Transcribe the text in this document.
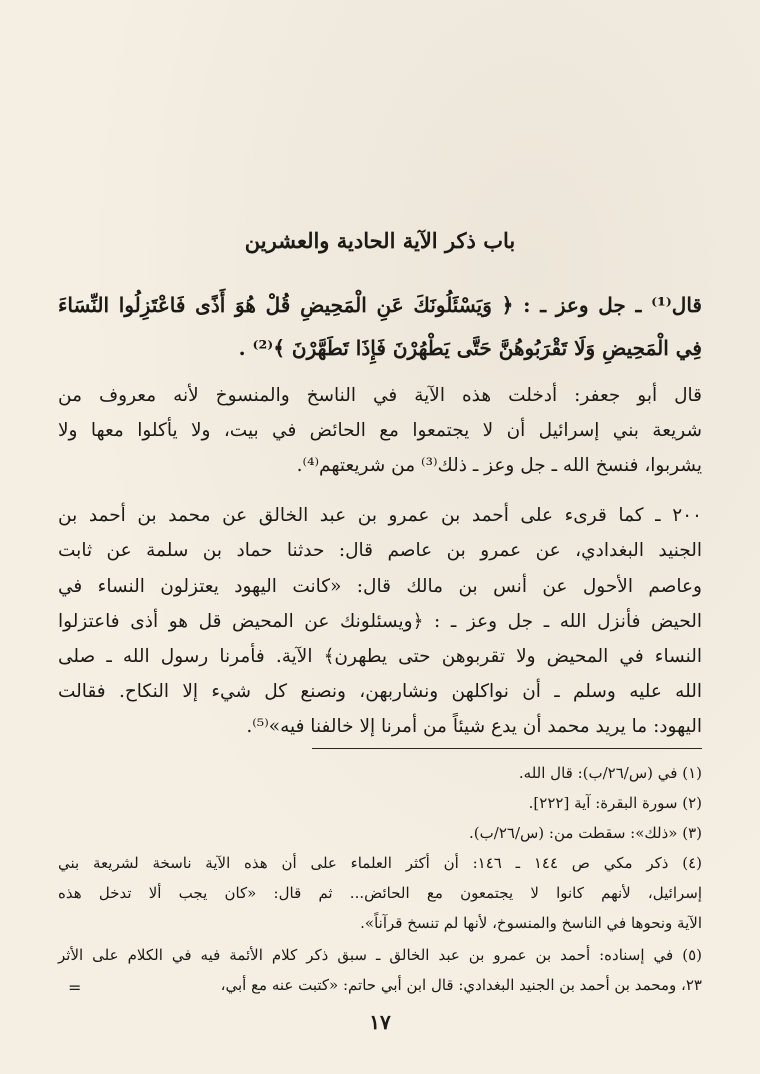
باب ذكر الآية الحادية والعشرين
قال⁽¹⁾ ـ جل وعز ـ : ﴿ وَيَسْئَلُونَكَ عَنِ الْمَحِيضِ قُلْ هُوَ أَذًى فَاعْتَزِلُوا النِّسَاءَ
فِي الْمَحِيضِ وَلَا تَقْرَبُوهُنَّ حَتَّى يَطْهُرْنَ فَإِذَا تَطَهَّرْنَ ﴾⁽²⁾ .
قال أبو جعفر: أدخلت هذه الآية في الناسخ والمنسوخ لأنه معروف من
شريعة بني إسرائيل أن لا يجتمعوا مع الحائض في بيت، ولا يأكلوا معها ولا
يشربوا، فنسخ الله ـ جل وعز ـ ذلك⁽³⁾ من شريعتهم⁽⁴⁾.
٢٠٠ ـ كما قرىء على أحمد بن عمرو بن عبد الخالق عن محمد بن أحمد بن
الجنيد البغدادي، عن عمرو بن عاصم قال: حدثنا حماد بن سلمة عن ثابت
وعاصم الأحول عن أنس بن مالك قال: «كانت اليهود يعتزلون النساء في
الحيض فأنزل الله ـ جل وعز ـ : ﴿ويسئلونك عن المحيض قل هو أذى فاعتزلوا
النساء في المحيض ولا تقربوهن حتى يطهرن﴾ الآية. فأمرنا رسول الله ـ صلى
الله عليه وسلم ـ أن نواكلهن ونشاربهن، ونصنع كل شيء إلا النكاح. فقالت
اليهود: ما يريد محمد أن يدع شيئاً من أمرنا إلا خالفنا فيه»⁽⁵⁾.
(١) في (س/٢٦/ب): قال الله.
(٢) سورة البقرة: آية [٢٢٢].
(٣) «ذلك»: سقطت من: (س/٢٦/ب).
(٤) ذكر مكي ص ١٤٤ ـ ١٤٦: أن أكثر العلماء على أن هذه الآية ناسخة لشريعة بني
إسرائيل، لأنهم كانوا لا يجتمعون مع الحائض... ثم قال: «كان يجب ألا تدخل هذه
الآية ونحوها في الناسخ والمنسوخ، لأنها لم تنسخ قرآناً».
(٥) في إسناده: أحمد بن عمرو بن عبد الخالق ـ سبق ذكر كلام الأئمة فيه في الكلام على الأثر
٢٣، ومحمد بن أحمد بن الجنيد البغدادي: قال ابن أبي حاتم: «كتبت عنه مع أبي،
=
١٧
